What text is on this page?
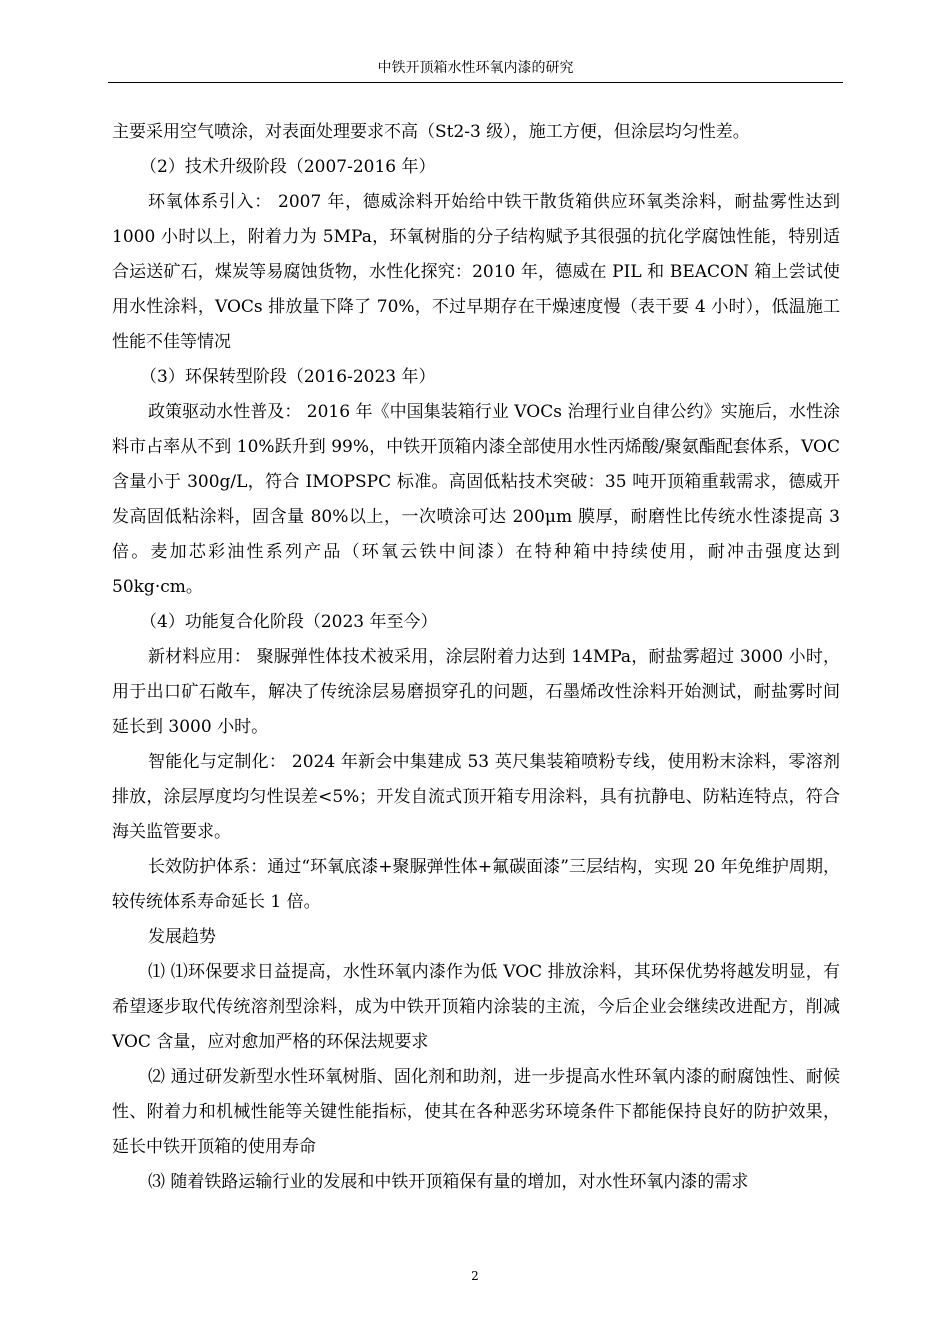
中铁开顶箱水性环氧内漆的研究

主要采用空气喷涂，对表面处理要求不高（St2-3 级），施工方便，但涂层均匀性差。

（2）技术升级阶段（2007-2016 年）

环氧体系引入： 2007 年，德威涂料开始给中铁干散货箱供应环氧类涂料，耐盐雾性达到 1000 小时以上，附着力为 5MPa，环氧树脂的分子结构赋予其很强的抗化学腐蚀性能，特别适合运送矿石，煤炭等易腐蚀货物，水性化探究：2010 年，德威在 PIL 和 BEACON 箱上尝试使用水性涂料，VOCs 排放量下降了 70%，不过早期存在干燥速度慢（表干要 4 小时），低温施工性能不佳等情况

（3）环保转型阶段（2016-2023 年）

政策驱动水性普及： 2016 年《中国集装箱行业 VOCs 治理行业自律公约》实施后，水性涂料市占率从不到 10%跃升到 99%，中铁开顶箱内漆全部使用水性丙烯酸/聚氨酯配套体系，VOC 含量小于 300g/L，符合 IMOPSPC 标准。高固低粘技术突破：35 吨开顶箱重载需求，德威开发高固低粘涂料，固含量 80%以上，一次喷涂可达 200μm 膜厚，耐磨性比传统水性漆提高 3 倍。麦加芯彩油性系列产品（环氧云铁中间漆）在特种箱中持续使用，耐冲击强度达到 50kg·cm。

（4）功能复合化阶段（2023 年至今）

新材料应用： 聚脲弹性体技术被采用，涂层附着力达到 14MPa，耐盐雾超过 3000 小时，用于出口矿石敞车，解决了传统涂层易磨损穿孔的问题，石墨烯改性涂料开始测试，耐盐雾时间延长到 3000 小时。

智能化与定制化： 2024 年新会中集建成 53 英尺集装箱喷粉专线，使用粉末涂料，零溶剂排放，涂层厚度均匀性误差<5%；开发自流式顶开箱专用涂料，具有抗静电、防粘连特点，符合海关监管要求。

长效防护体系：通过“环氧底漆+聚脲弹性体+氟碳面漆”三层结构，实现 20 年免维护周期，较传统体系寿命延长 1 倍。

发展趋势

⑴ ⑴环保要求日益提高，水性环氧内漆作为低 VOC 排放涂料，其环保优势将越发明显，有希望逐步取代传统溶剂型涂料，成为中铁开顶箱内涂装的主流，今后企业会继续改进配方，削减 VOC 含量，应对愈加严格的环保法规要求

⑵ 通过研发新型水性环氧树脂、固化剂和助剂，进一步提高水性环氧内漆的耐腐蚀性、耐候性、附着力和机械性能等关键性能指标，使其在各种恶劣环境条件下都能保持良好的防护效果，延长中铁开顶箱的使用寿命

⑶ 随着铁路运输行业的发展和中铁开顶箱保有量的增加，对水性环氧内漆的需求

2
